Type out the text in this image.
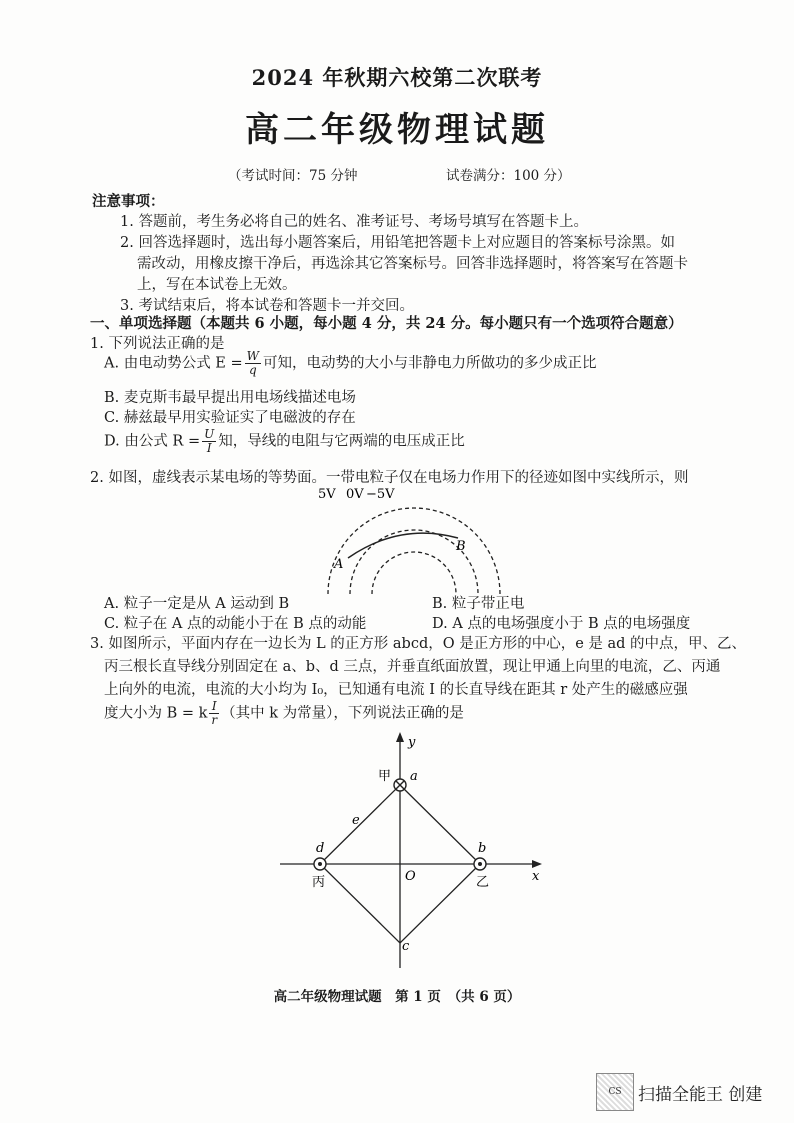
2024 年秋期六校第二次联考
高二年级物理试题
（考试时间：75 分钟	试卷满分：100 分）
注意事项：
1. 答题前，考生务必将自己的姓名、准考证号、考场号填写在答题卡上。
2. 回答选择题时，选出每小题答案后，用铅笔把答题卡上对应题目的答案标号涂黑。如
需改动，用橡皮擦干净后，再选涂其它答案标号。回答非选择题时，将答案写在答题卡
上，写在本试卷上无效。
3. 考试结束后，将本试卷和答题卡一并交回。
一、单项选择题（本题共 6 小题，每小题 4 分，共 24 分。每小题只有一个选项符合题意）
1. 下列说法正确的是
A. 由电动势公式 $E = \frac{W}{q}$ 可知，电动势的大小与非静电力所做功的多少成正比
B. 麦克斯韦最早提出用电场线描述电场
C. 赫兹最早用实验证实了电磁波的存在
D. 由公式 $R = \frac{U}{I}$ 知，导线的电阻与它两端的电压成正比
2. 如图，虚线表示某电场的等势面。一带电粒子仅在电场力作用下的径迹如图中实线所示，则
5V 0V −5V
A
B
A. 粒子一定是从 A 运动到 B	B. 粒子带正电
C. 粒子在 A 点的动能小于在 B 点的动能	D. A 点的电场强度小于 B 点的电场强度
3. 如图所示，平面内存在一边长为 L 的正方形 abcd，O 是正方形的中心，e 是 ad 的中点，甲、乙、
丙三根长直导线分别固定在 a、b、d 三点，并垂直纸面放置，现让甲通上向里的电流，乙、丙通
上向外的电流，电流的大小均为 I₀，已知通有电流 I 的长直导线在距其 r 处产生的磁感应强
度大小为 B = k $\frac{I}{r}$ （其中 k 为常量），下列说法正确的是
y
x
O
甲 a
b
乙
d
丙
c
e
高二年级物理试题　第 1 页　（共 6 页）
CS 扫描全能王 创建
